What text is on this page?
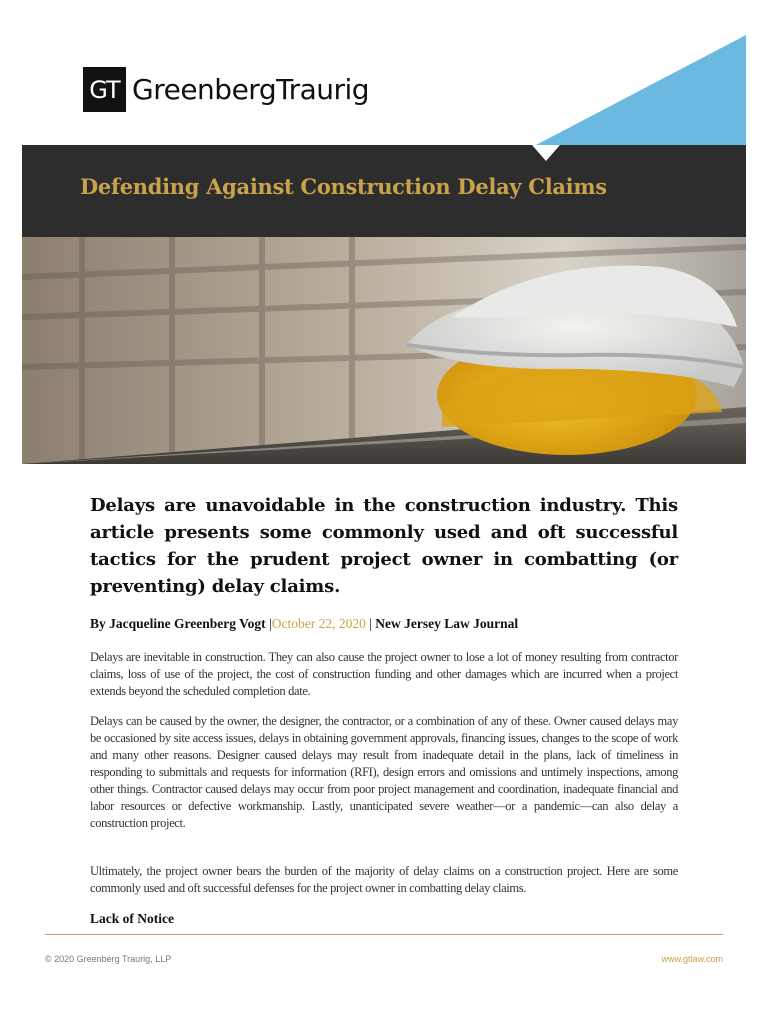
GT GreenbergTraurig
Defending Against Construction Delay Claims

Delays are unavoidable in the construction industry. This article presents some commonly used and oft successful tactics for the prudent project owner in combatting (or preventing) delay claims.

By Jacqueline Greenberg Vogt |October 22, 2020 | New Jersey Law Journal

Delays are inevitable in construction. They can also cause the project owner to lose a lot of money resulting from contractor claims, loss of use of the project, the cost of construction funding and other damages which are incurred when a project extends beyond the scheduled completion date.

Delays can be caused by the owner, the designer, the contractor, or a combination of any of these. Owner caused delays may be occasioned by site access issues, delays in obtaining government approvals, financing issues, changes to the scope of work and many other reasons. Designer caused delays may result from inadequate detail in the plans, lack of timeliness in responding to submittals and requests for information (RFI), design errors and omissions and untimely inspections, among other things. Contractor caused delays may occur from poor project management and coordination, inadequate financial and labor resources or defective workmanship. Lastly, unanticipated severe weather—or a pandemic—can also delay a construction project.

Ultimately, the project owner bears the burden of the majority of delay claims on a construction project. Here are some commonly used and oft successful defenses for the project owner in combatting delay claims.

Lack of Notice
© 2020 Greenberg Traurig, LLP	www.gtlaw.com
